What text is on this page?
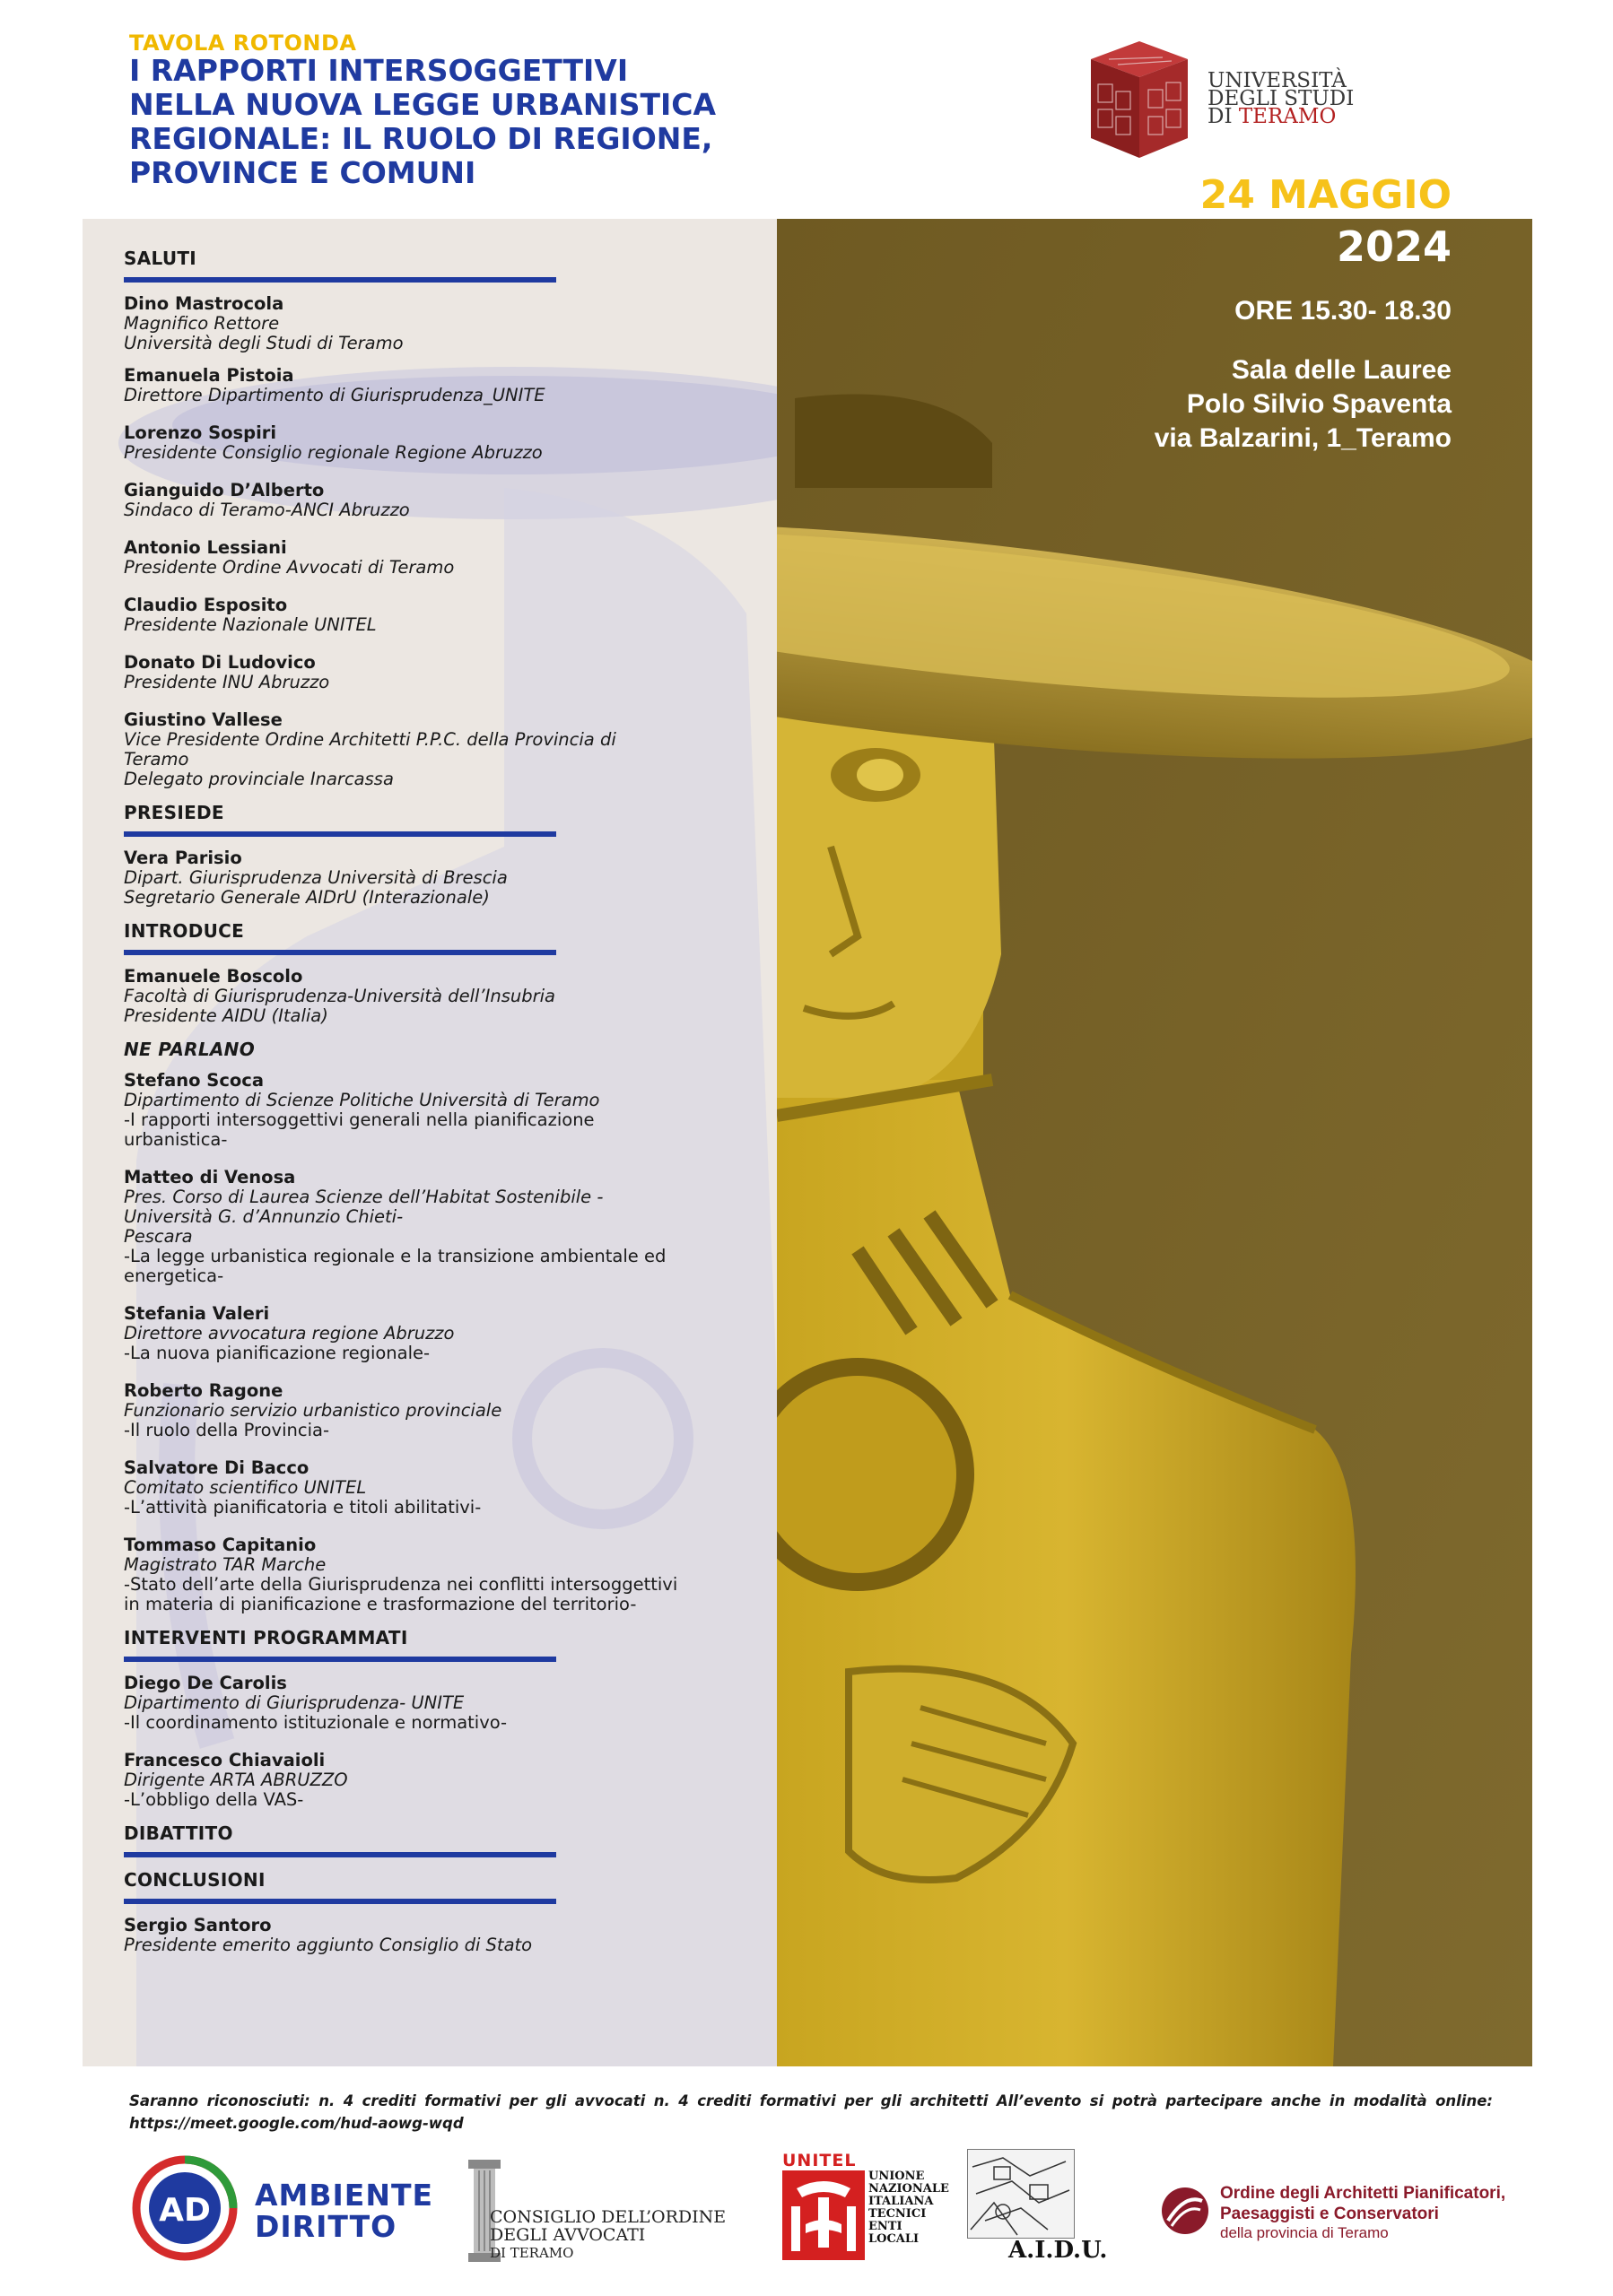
TAVOLA ROTONDA
I RAPPORTI INTERSOGGETTIVI
NELLA NUOVA LEGGE URBANISTICA
REGIONALE: IL RUOLO DI REGIONE,
PROVINCE E COMUNI
UNIVERSITÀ
DEGLI STUDI
DI TERAMO
24 MAGGIO
2024
ORE 15.30- 18.30
Sala delle Lauree
Polo Silvio Spaventa
via Balzarini, 1_Teramo
SALUTI
Dino Mastrocola
Magnifico Rettore
Università degli Studi di Teramo
Emanuela Pistoia
Direttore Dipartimento di Giurisprudenza_UNITE
Lorenzo Sospiri
Presidente Consiglio regionale Regione Abruzzo
Gianguido D’Alberto
Sindaco di Teramo-ANCI Abruzzo
Antonio Lessiani
Presidente Ordine Avvocati di Teramo
Claudio Esposito
Presidente Nazionale UNITEL
Donato Di Ludovico
Presidente INU Abruzzo
Giustino Vallese
Vice Presidente Ordine Architetti P.P.C. della Provincia di
Teramo
Delegato provinciale Inarcassa
PRESIEDE
Vera Parisio
Dipart. Giurisprudenza Università di Brescia
Segretario Generale AIDrU (Interazionale)
INTRODUCE
Emanuele Boscolo
Facoltà di Giurisprudenza-Università dell’Insubria
Presidente AIDU (Italia)
NE PARLANO
Stefano Scoca
Dipartimento di Scienze Politiche Università di Teramo
-I rapporti intersoggettivi generali nella pianificazione
urbanistica-
Matteo di Venosa
Pres. Corso di Laurea Scienze dell’Habitat Sostenibile -
Università G. d’Annunzio Chieti-
Pescara
-La legge urbanistica regionale e la transizione ambientale ed
energetica-
Stefania Valeri
Direttore avvocatura regione Abruzzo
-La nuova pianificazione regionale-
Roberto Ragone
Funzionario servizio urbanistico provinciale
-Il ruolo della Provincia-
Salvatore Di Bacco
Comitato scientifico UNITEL
-L’attività pianificatoria e titoli abilitativi-
Tommaso Capitanio
Magistrato TAR Marche
-Stato dell’arte della Giurisprudenza nei conflitti intersoggettivi
in materia di pianificazione e trasformazione del territorio-
INTERVENTI PROGRAMMATI
Diego De Carolis
Dipartimento di Giurisprudenza- UNITE
-Il coordinamento istituzionale e normativo-
Francesco Chiavaioli
Dirigente ARTA ABRUZZO
-L’obbligo della VAS-
DIBATTITO
CONCLUSIONI
Sergio Santoro
Presidente emerito aggiunto Consiglio di Stato
Saranno riconosciuti: n. 4 crediti formativi per gli avvocati n. 4 crediti formativi per gli architetti All’evento si potrà partecipare anche in modalità online: https://meet.google.com/hud-aowg-wqd
AD AMBIENTE
DIRITTO	CONSIGLIO DELL’ORDINE
DEGLI AVVOCATI
DI TERAMO
UNITEL
UNIONE
NAZIONALE
ITALIANA
TECNICI
ENTI
LOCALI	A.I.D.U.
Ordine degli Architetti Pianificatori,
Paesaggisti e Conservatori
della provincia di Teramo
